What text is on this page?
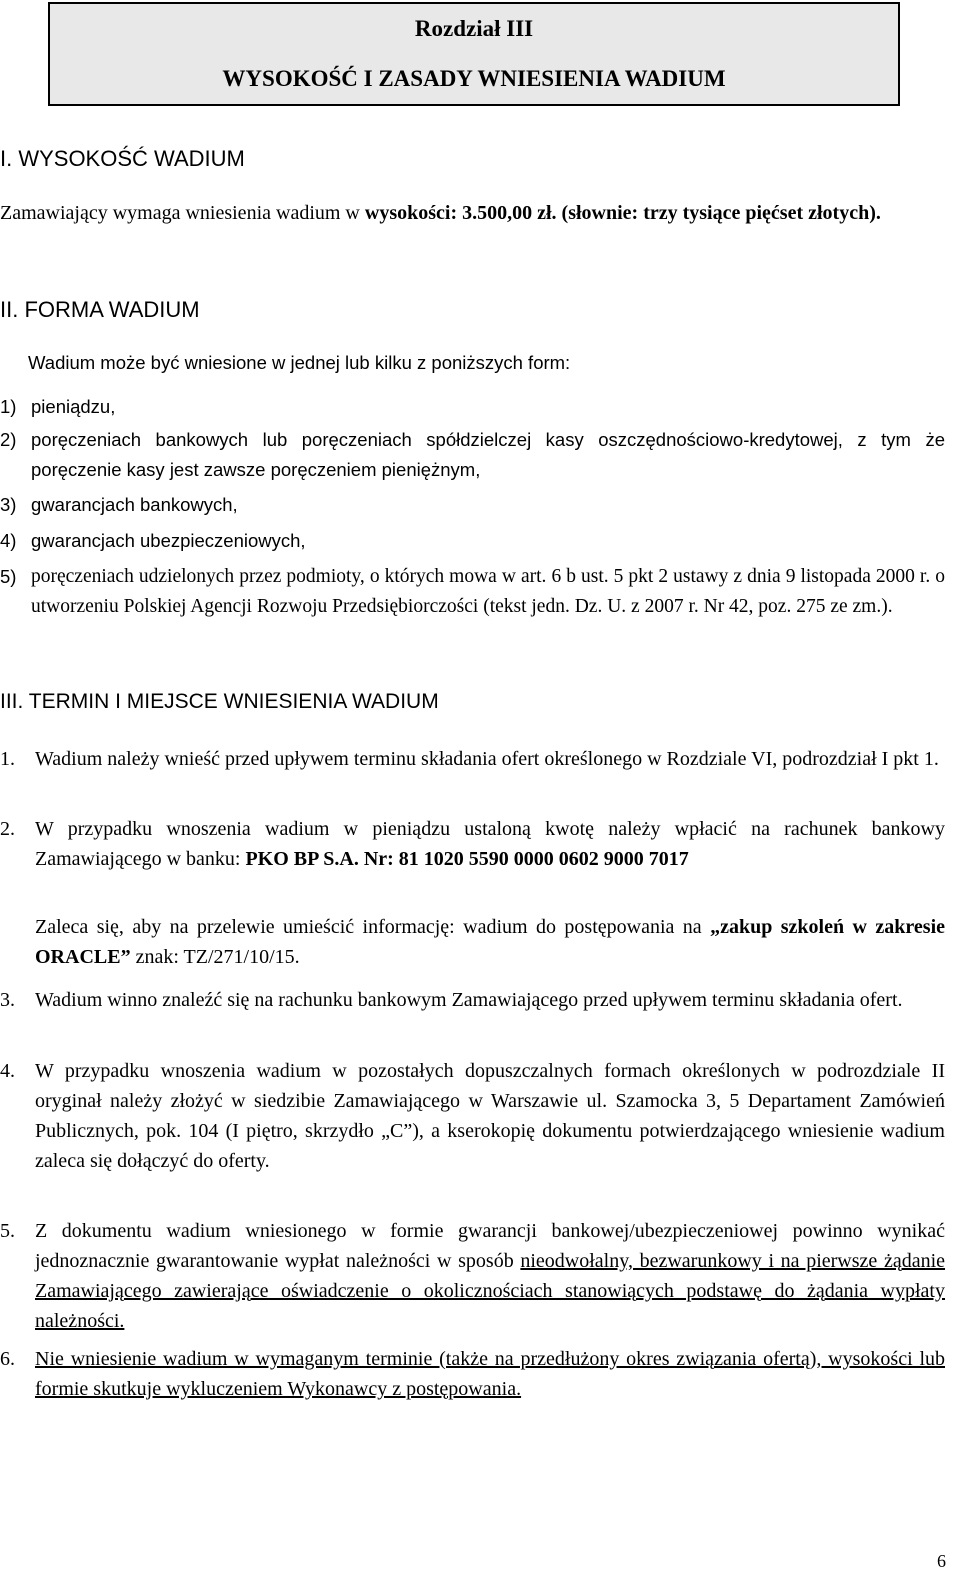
Rozdział III
WYSOKOŚĆ I ZASADY WNIESIENIA WADIUM
I. WYSOKOŚĆ WADIUM
Zamawiający wymaga wniesienia wadium w wysokości: 3.500,00 zł. (słownie: trzy tysiące pięćset złotych).
II. FORMA WADIUM
Wadium może być wniesione w jednej lub kilku z poniższych form:
1) pieniądzu,
2) poręczeniach bankowych lub poręczeniach spółdzielczej kasy oszczędnościowo-kredytowej, z tym że poręczenie kasy jest zawsze poręczeniem pieniężnym,
3) gwarancjach bankowych,
4) gwarancjach ubezpieczeniowych,
5) poręczeniach udzielonych przez podmioty, o których mowa w art. 6 b ust. 5 pkt 2 ustawy z dnia 9 listopada 2000 r. o utworzeniu Polskiej Agencji Rozwoju Przedsiębiorczości (tekst jedn. Dz. U. z 2007 r. Nr 42, poz. 275 ze zm.).
III. TERMIN I MIEJSCE WNIESIENIA WADIUM
1. Wadium należy wnieść przed upływem terminu składania ofert określonego w Rozdziale VI, podrozdział I pkt 1.
2. W przypadku wnoszenia wadium w pieniądzu ustaloną kwotę należy wpłacić na rachunek bankowy Zamawiającego w banku: PKO BP S.A. Nr: 81 1020 5590 0000 0602 9000 7017
Zaleca się, aby na przelewie umieścić informację: wadium do postępowania na „zakup szkoleń w zakresie ORACLE” znak: TZ/271/10/15.
3. Wadium winno znaleźć się na rachunku bankowym Zamawiającego przed upływem terminu składania ofert.
4. W przypadku wnoszenia wadium w pozostałych dopuszczalnych formach określonych w podrozdziale II oryginał należy złożyć w siedzibie Zamawiającego w Warszawie ul. Szamocka 3, 5 Departament Zamówień Publicznych, pok. 104 (I piętro, skrzydło „C”), a kserokopię dokumentu potwierdzającego wniesienie wadium zaleca się dołączyć do oferty.
5. Z dokumentu wadium wniesionego w formie gwarancji bankowej/ubezpieczeniowej powinno wynikać jednoznacznie gwarantowanie wypłat należności w sposób nieodwołalny, bezwarunkowy i na pierwsze żądanie Zamawiającego zawierające oświadczenie o okolicznościach stanowiących podstawę do żądania wypłaty należności.
6. Nie wniesienie wadium w wymaganym terminie (także na przedłużony okres związania ofertą), wysokości lub formie skutkuje wykluczeniem Wykonawcy z postępowania.
6
